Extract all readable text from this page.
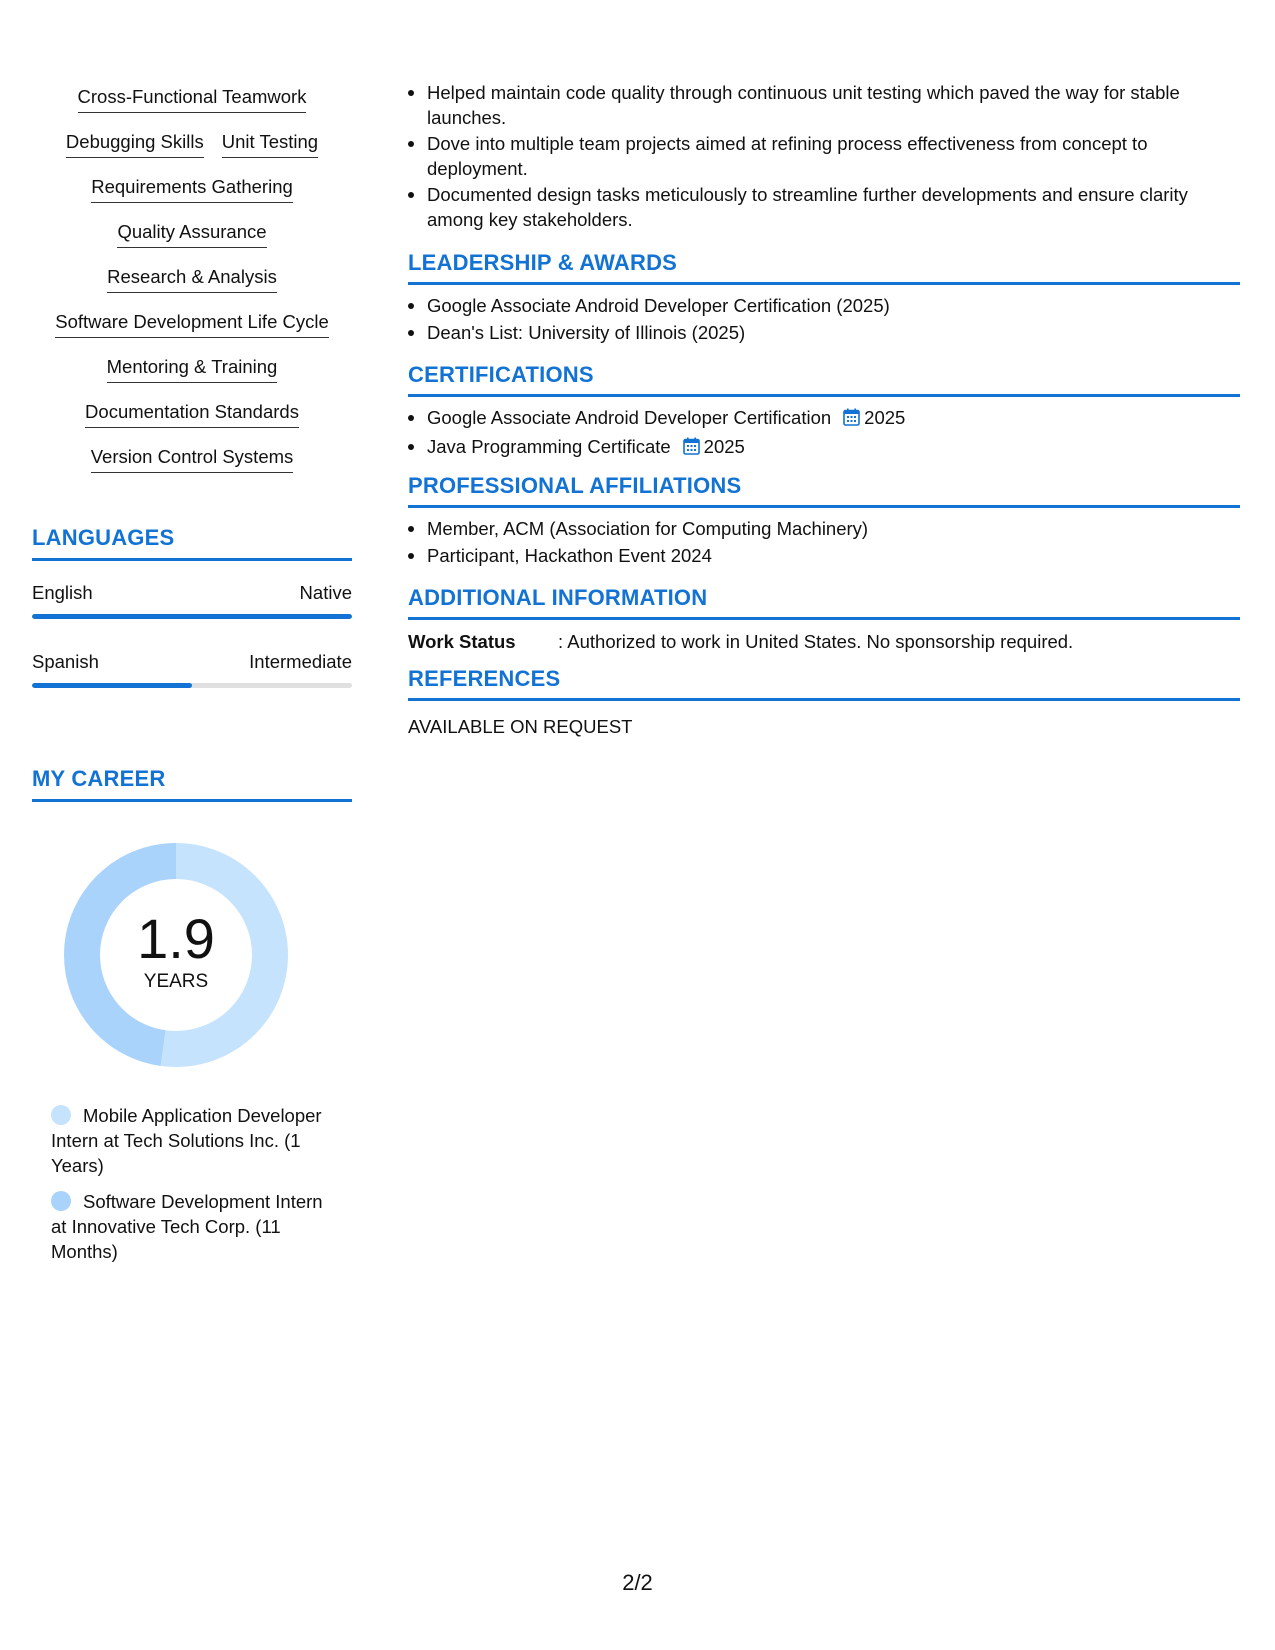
Cross-Functional Teamwork
Debugging Skills Unit Testing
Requirements Gathering
Quality Assurance
Research & Analysis
Software Development Life Cycle
Mentoring & Training
Documentation Standards
Version Control Systems
LANGUAGES
English	Native
Spanish	Intermediate
MY CAREER
1.9
YEARS
Mobile Application Developer Intern at Tech Solutions Inc. (1 Years)
Software Development Intern at Innovative Tech Corp. (11 Months)
Helped maintain code quality through continuous unit testing which paved the way for stable launches.
Dove into multiple team projects aimed at refining process effectiveness from concept to deployment.
Documented design tasks meticulously to streamline further developments and ensure clarity among key stakeholders.
LEADERSHIP & AWARDS
Google Associate Android Developer Certification (2025)
Dean's List: University of Illinois (2025)
CERTIFICATIONS
Google Associate Android Developer Certification 2025
Java Programming Certificate 2025
PROFESSIONAL AFFILIATIONS
Member, ACM (Association for Computing Machinery)
Participant, Hackathon Event 2024
ADDITIONAL INFORMATION
Work Status	: Authorized to work in United States. No sponsorship required.
REFERENCES
AVAILABLE ON REQUEST
2/2
